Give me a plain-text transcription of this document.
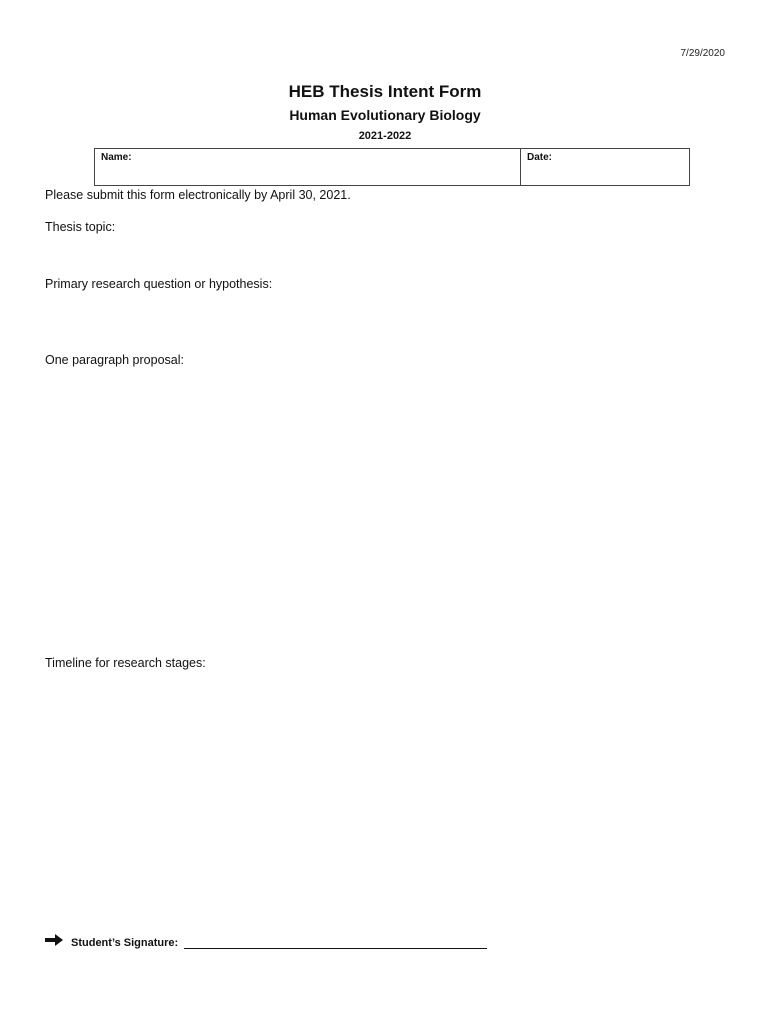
7/29/2020
HEB Thesis Intent Form
Human Evolutionary Biology
2021-2022
Name:	Date:
Please submit this form electronically by April 30, 2021.
Thesis topic:
Primary research question or hypothesis:
One paragraph proposal:
Timeline for research stages:
Student’s Signature:
